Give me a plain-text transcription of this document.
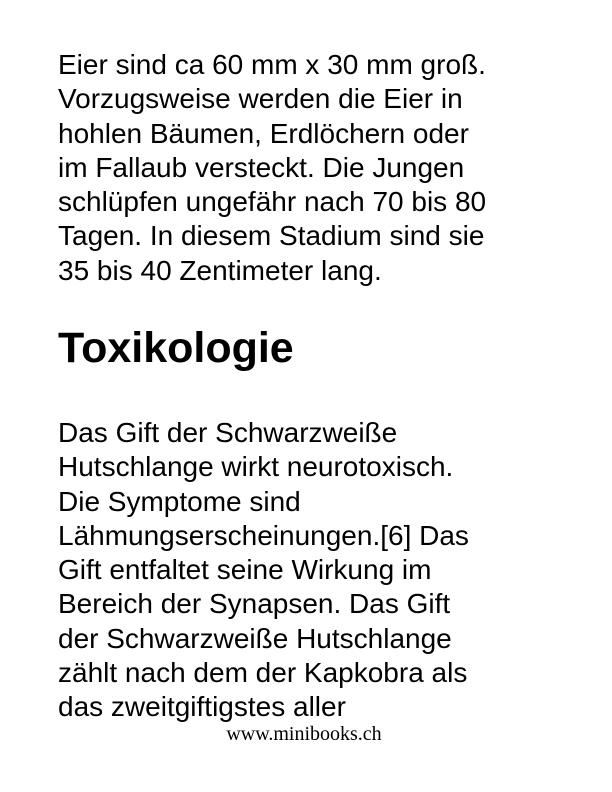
Eier sind ca 60 mm x 30 mm groß.
Vorzugsweise werden die Eier in
hohlen Bäumen, Erdlöchern oder
im Fallaub versteckt. Die Jungen
schlüpfen ungefähr nach 70 bis 80
Tagen. In diesem Stadium sind sie
35 bis 40 Zentimeter lang.

Toxikologie

Das Gift der Schwarzweiße
Hutschlange wirkt neurotoxisch.
Die Symptome sind
Lähmungserscheinungen.[6] Das
Gift entfaltet seine Wirkung im
Bereich der Synapsen. Das Gift
der Schwarzweiße Hutschlange
zählt nach dem der Kapkobra als
das zweitgiftigstes aller

www.minibooks.ch
